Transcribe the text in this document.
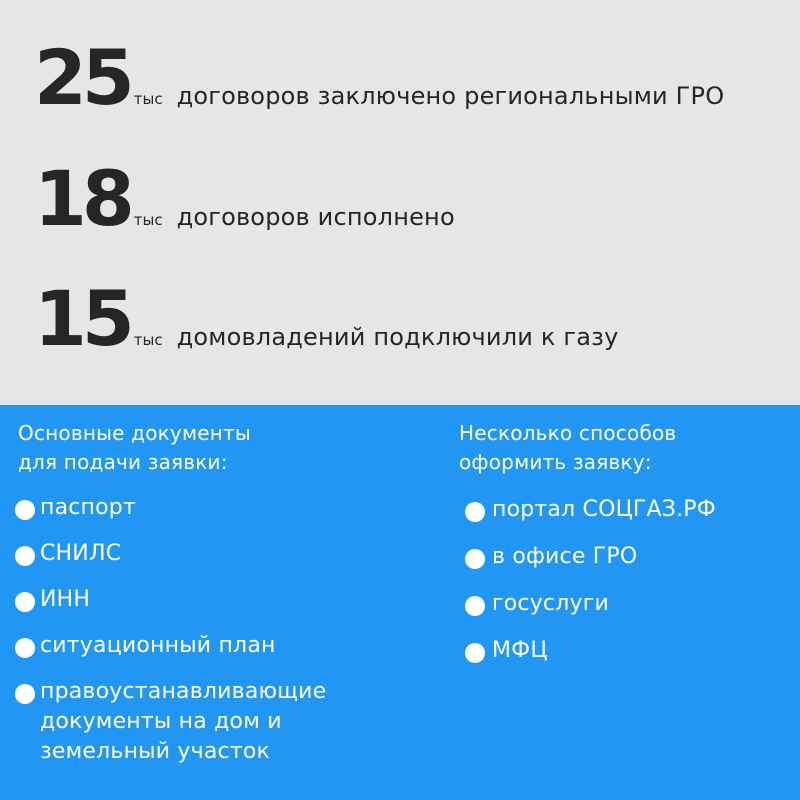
25 тыс договоров заключено региональными ГРО
18 тыс договоров исполнено
15 тыс домовладений подключили к газу
Основные документы
для подачи заявки:
паспорт
СНИЛС
ИНН
ситуационный план
правоустанавливающие
документы на дом и
земельный участок
Несколько способов
оформить заявку:
портал СОЦГАЗ.РФ
в офисе ГРО
госуслуги
МФЦ
